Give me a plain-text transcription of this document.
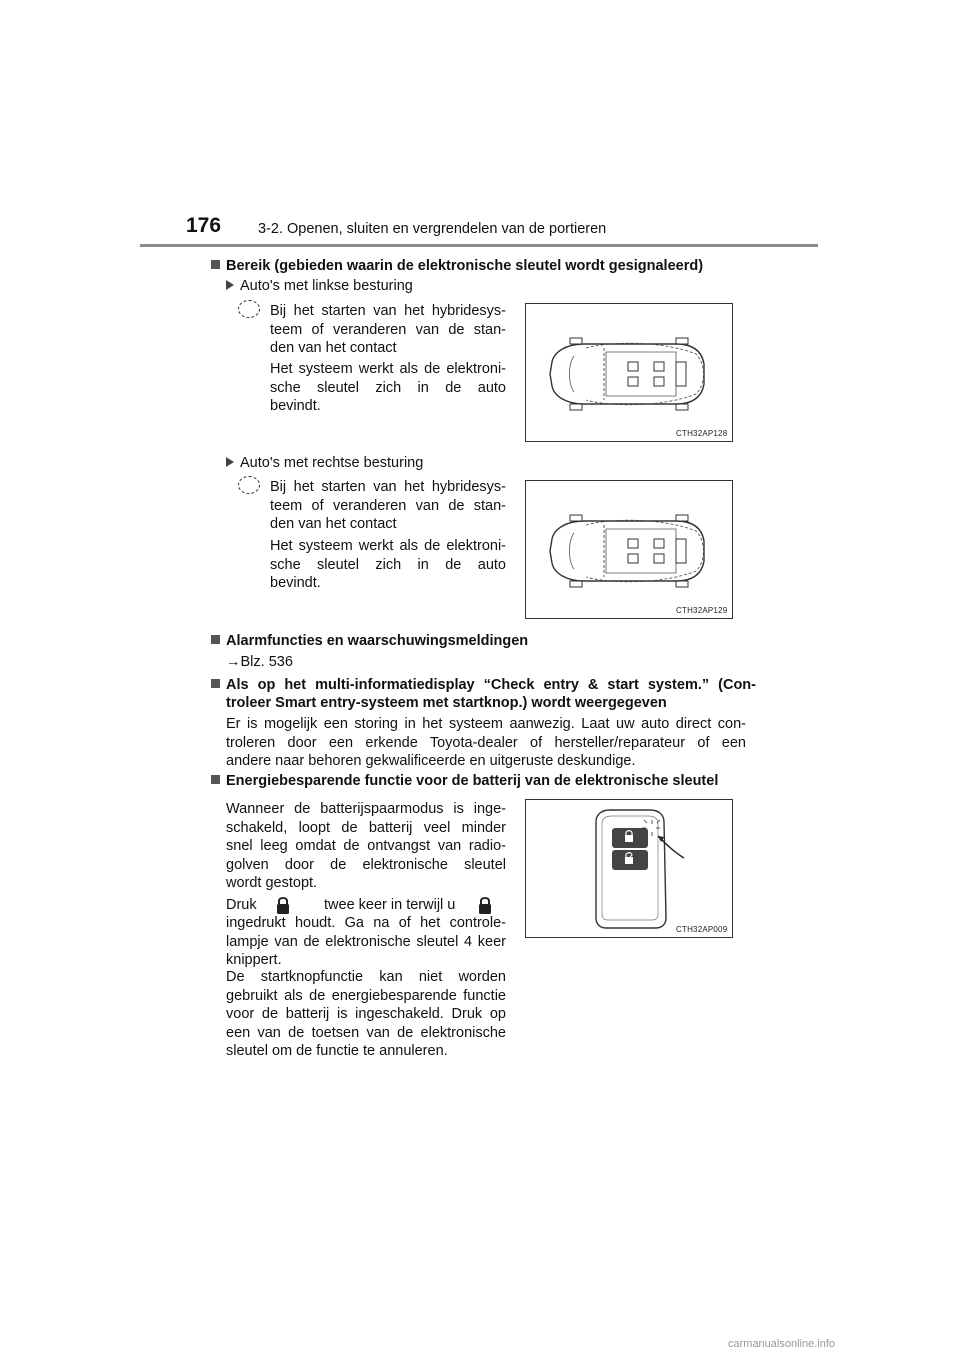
176	3-2. Openen, sluiten en vergrendelen van de portieren
Bereik (gebieden waarin de elektronische sleutel wordt gesignaleerd)
Auto's met linkse besturing
Bij het starten van het hybridesys-
teem of veranderen van de stan-
den van het contact
Het systeem werkt als de elektroni-
sche sleutel zich in de auto
bevindt.
CTH32AP128
Auto's met rechtse besturing
Bij het starten van het hybridesys-
teem of veranderen van de stan-
den van het contact
Het systeem werkt als de elektroni-
sche sleutel zich in de auto
bevindt.
CTH32AP129
Alarmfuncties en waarschuwingsmeldingen
→Blz. 536
Als op het multi-informatiedisplay “Check entry & start system.” (Con-
troleer Smart entry-systeem met startknop.) wordt weergegeven
Er is mogelijk een storing in het systeem aanwezig. Laat uw auto direct con-
troleren door een erkende Toyota-dealer of hersteller/reparateur of een
andere naar behoren gekwalificeerde en uitgeruste deskundige.
Energiebesparende functie voor de batterij van de elektronische sleutel
Wanneer de batterijspaarmodus is inge-
schakeld, loopt de batterij veel minder
snel leeg omdat de ontvangst van radio-
golven door de elektronische sleutel
wordt gestopt.
Druk	twee keer in terwijl u
ingedrukt houdt. Ga na of het controle-
lampje van de elektronische sleutel 4 keer
knippert.
De startknopfunctie kan niet worden
gebruikt als de energiebesparende functie
voor de batterij is ingeschakeld. Druk op
een van de toetsen van de elektronische
sleutel om de functie te annuleren.
CTH32AP009
carmanualsonline.info
